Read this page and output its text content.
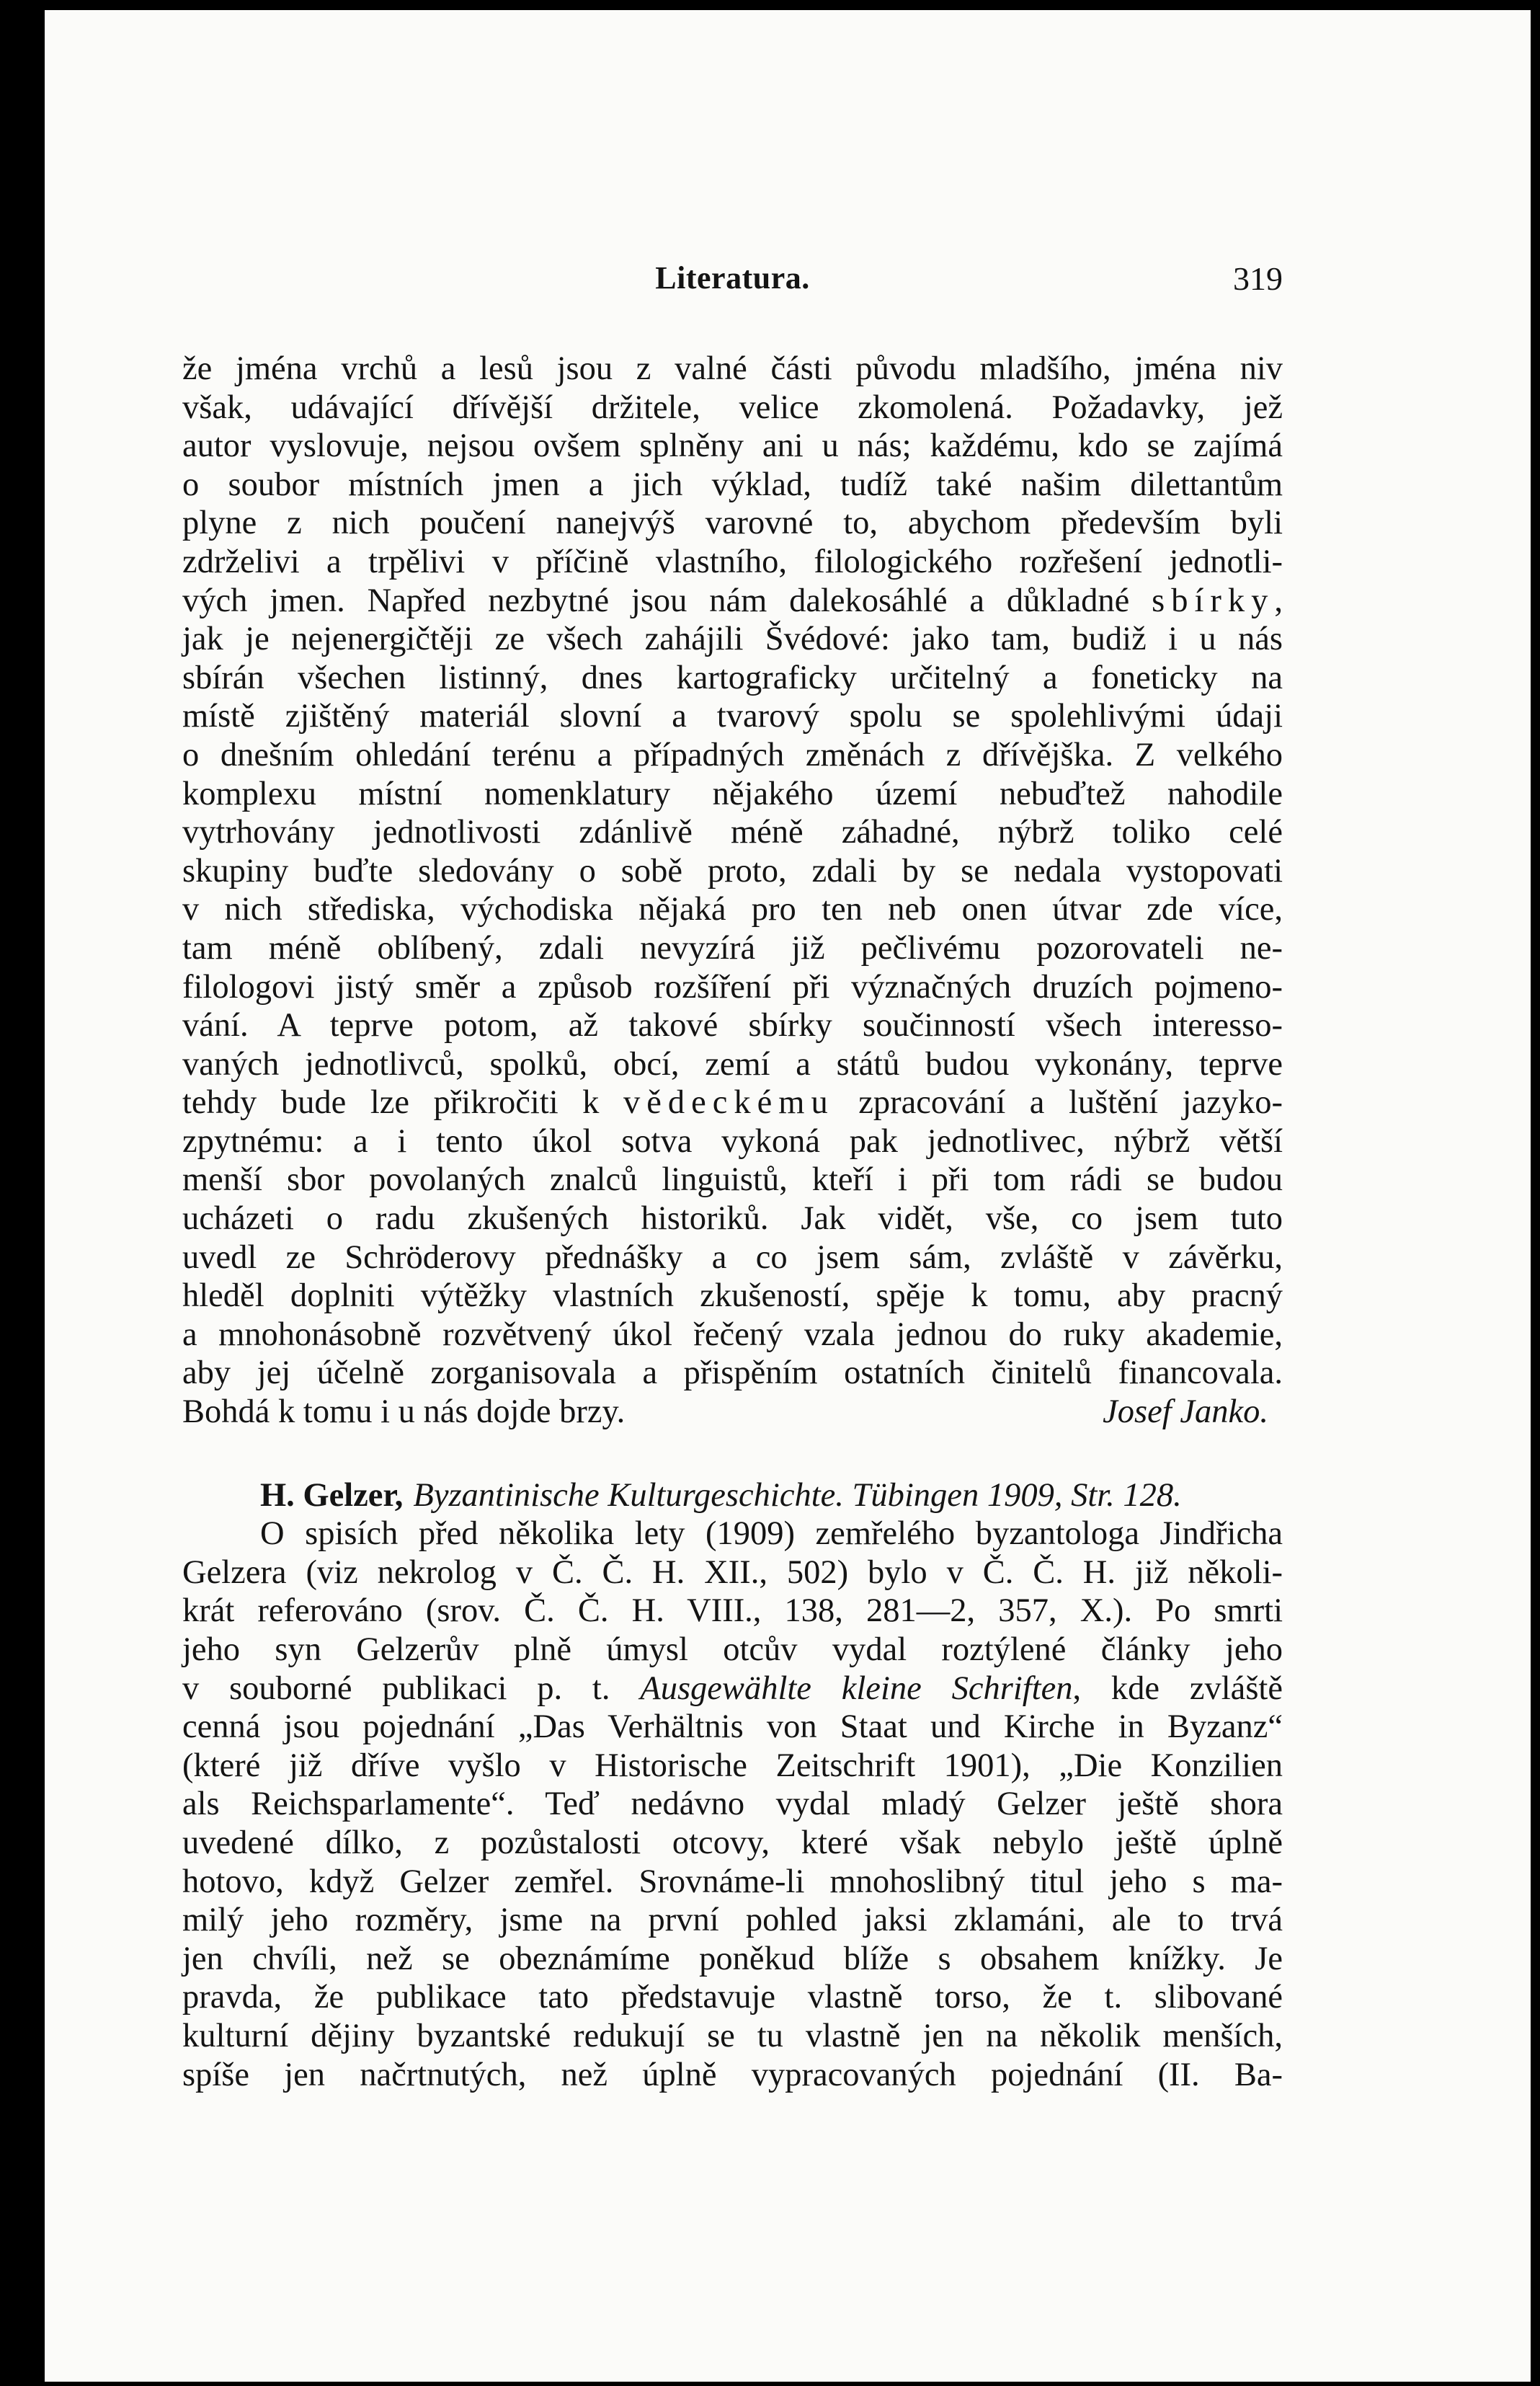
Literatura.	319
že jména vrchů a lesů jsou z valné části původu mladšího, jména niv
však, udávající dřívější držitele, velice zkomolená. Požadavky, jež
autor vyslovuje, nejsou ovšem splněny ani u nás; každému, kdo se zajímá
o soubor místních jmen a jich výklad, tudíž také našim dilettantům
plyne z nich poučení nanejvýš varovné to, abychom především byli
zdrželivi a trpělivi v příčině vlastního, filologického rozřešení jednotli-
vých jmen. Napřed nezbytné jsou nám dalekosáhlé a důkladné sbírky,
jak je nejenergičtěji ze všech zahájili Švédové: jako tam, budiž i u nás
sbírán všechen listinný, dnes kartograficky určitelný a foneticky na
místě zjištěný materiál slovní a tvarový spolu se spolehlivými údaji
o dnešním ohledání terénu a případných změnách z dřívějška. Z velkého
komplexu místní nomenklatury nějakého území nebuďtež nahodile
vytrhovány jednotlivosti zdánlivě méně záhadné, nýbrž toliko celé
skupiny buďte sledovány o sobě proto, zdali by se nedala vystopovati
v nich střediska, východiska nějaká pro ten neb onen útvar zde více,
tam méně oblíbený, zdali nevyzírá již pečlivému pozorovateli ne-
filologovi jistý směr a způsob rozšíření při význačných druzích pojmeno-
vání. A teprve potom, až takové sbírky součinností všech interesso-
vaných jednotlivců, spolků, obcí, zemí a států budou vykonány, teprve
tehdy bude lze přikročiti k vědeckému zpracování a luštění jazyko-
zpytnému: a i tento úkol sotva vykoná pak jednotlivec, nýbrž větší
menší sbor povolaných znalců linguistů, kteří i při tom rádi se budou
ucházeti o radu zkušených historiků. Jak vidět, vše, co jsem tuto
uvedl ze Schröderovy přednášky a co jsem sám, zvláště v závěrku,
hleděl doplniti výtěžky vlastních zkušeností, spěje k tomu, aby pracný
a mnohonásobně rozvětvený úkol řečený vzala jednou do ruky akademie,
aby jej účelně zorganisovala a přispěním ostatních činitelů financovala.
Bohdá k tomu i u nás dojde brzy.	Josef Janko.
H. Gelzer, Byzantinische Kulturgeschichte. Tübingen 1909, Str. 128.
O spisích před několika lety (1909) zemřelého byzantologa Jindřicha
Gelzera (viz nekrolog v Č. Č. H. XII., 502) bylo v Č. Č. H. již několi-
krát referováno (srov. Č. Č. H. VIII., 138, 281—2, 357, X.). Po smrti
jeho syn Gelzerův plně úmysl otcův vydal roztýlené články jeho
v souborné publikaci p. t. Ausgewählte kleine Schriften, kde zvláště
cenná jsou pojednání „Das Verhältnis von Staat und Kirche in Byzanz“
(které již dříve vyšlo v Historische Zeitschrift 1901), „Die Konzilien
als Reichsparlamente“. Teď nedávno vydal mladý Gelzer ještě shora
uvedené dílko, z pozůstalosti otcovy, které však nebylo ještě úplně
hotovo, když Gelzer zemřel. Srovnáme-li mnohoslibný titul jeho s ma-
milý jeho rozměry, jsme na první pohled jaksi zklamáni, ale to trvá
jen chvíli, než se obeznámíme poněkud blíže s obsahem knížky. Je
pravda, že publikace tato představuje vlastně torso, že t. slibované
kulturní dějiny byzantské redukují se tu vlastně jen na několik menších,
spíše jen načrtnutých, než úplně vypracovaných pojednání (II. Ba-
